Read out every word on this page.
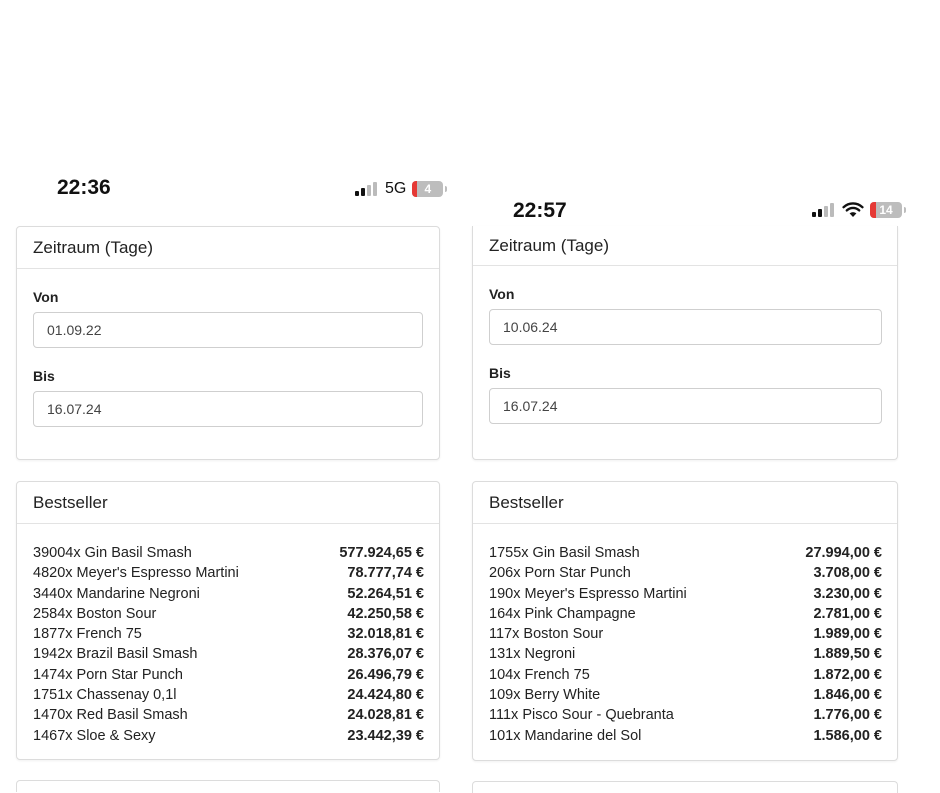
22:36	5G 4
Zeitraum (Tage)
Von
01.09.22
Bis
16.07.24
Bestseller
39004x Gin Basil Smash	577.924,65 €
4820x Meyer's Espresso Martini	78.777,74 €
3440x Mandarine Negroni	52.264,51 €
2584x Boston Sour	42.250,58 €
1877x French 75	32.018,81 €
1942x Brazil Basil Smash	28.376,07 €
1474x Porn Star Punch	26.496,79 €
1751x Chassenay 0,1l	24.424,80 €
1470x Red Basil Smash	24.028,81 €
1467x Sloe & Sexy	23.442,39 €
22:57	14
Zeitraum (Tage)
Von
10.06.24
Bis
16.07.24
Bestseller
1755x Gin Basil Smash	27.994,00 €
206x Porn Star Punch	3.708,00 €
190x Meyer's Espresso Martini	3.230,00 €
164x Pink Champagne	2.781,00 €
117x Boston Sour	1.989,00 €
131x Negroni	1.889,50 €
104x French 75	1.872,00 €
109x Berry White	1.846,00 €
111x Pisco Sour - Quebranta	1.776,00 €
101x Mandarine del Sol	1.586,00 €
